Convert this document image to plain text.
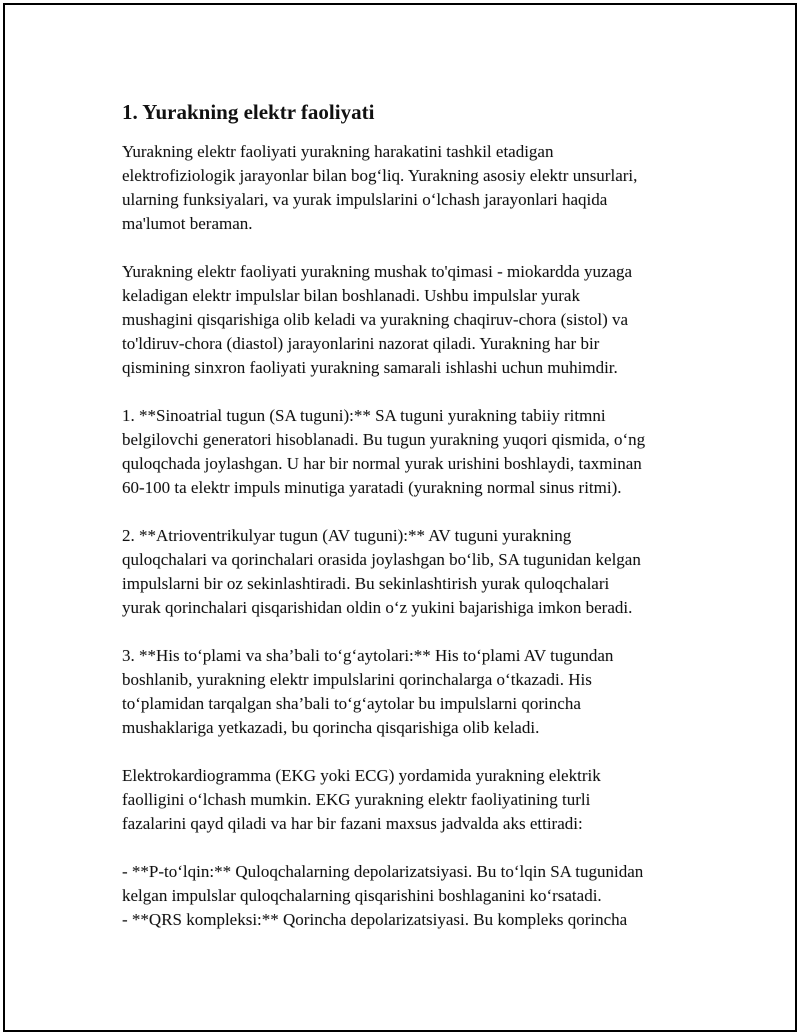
1. Yurakning elektr faoliyati
Yurakning elektr faoliyati yurakning harakatini tashkil etadigan
elektrofiziologik jarayonlar bilan bog‘liq. Yurakning asosiy elektr unsurlari,
ularning funksiyalari, va yurak impulslarini o‘lchash jarayonlari haqida
ma'lumot beraman.
Yurakning elektr faoliyati yurakning mushak to'qimasi - miokardda yuzaga
keladigan elektr impulslar bilan boshlanadi. Ushbu impulslar yurak
mushagini qisqarishiga olib keladi va yurakning chaqiruv-chora (sistol) va
to'ldiruv-chora (diastol) jarayonlarini nazorat qiladi. Yurakning har bir
qismining sinxron faoliyati yurakning samarali ishlashi uchun muhimdir.
1. **Sinoatrial tugun (SA tuguni):** SA tuguni yurakning tabiiy ritmni
belgilovchi generatori hisoblanadi. Bu tugun yurakning yuqori qismida, o‘ng
quloqchada joylashgan. U har bir normal yurak urishini boshlaydi, taxminan
60-100 ta elektr impuls minutiga yaratadi (yurakning normal sinus ritmi).
2. **Atrioventrikulyar tugun (AV tuguni):** AV tuguni yurakning
quloqchalari va qorinchalari orasida joylashgan bo‘lib, SA tugunidan kelgan
impulslarni bir oz sekinlashtiradi. Bu sekinlashtirish yurak quloqchalari
yurak qorinchalari qisqarishidan oldin o‘z yukini bajarishiga imkon beradi.
3. **His to‘plami va sha’bali to‘g‘aytolari:** His to‘plami AV tugundan
boshlanib, yurakning elektr impulslarini qorinchalarga o‘tkazadi. His
to‘plamidan tarqalgan sha’bali to‘g‘aytolar bu impulslarni qorincha
mushaklariga yetkazadi, bu qorincha qisqarishiga olib keladi.
Elektrokardiogramma (EKG yoki ECG) yordamida yurakning elektrik
faolligini o‘lchash mumkin. EKG yurakning elektr faoliyatining turli
fazalarini qayd qiladi va har bir fazani maxsus jadvalda aks ettiradi:
- **P-to‘lqin:** Quloqchalarning depolarizatsiyasi. Bu to‘lqin SA tugunidan
kelgan impulslar quloqchalarning qisqarishini boshlaganini ko‘rsatadi.
- **QRS kompleksi:** Qorincha depolarizatsiyasi. Bu kompleks qorincha
